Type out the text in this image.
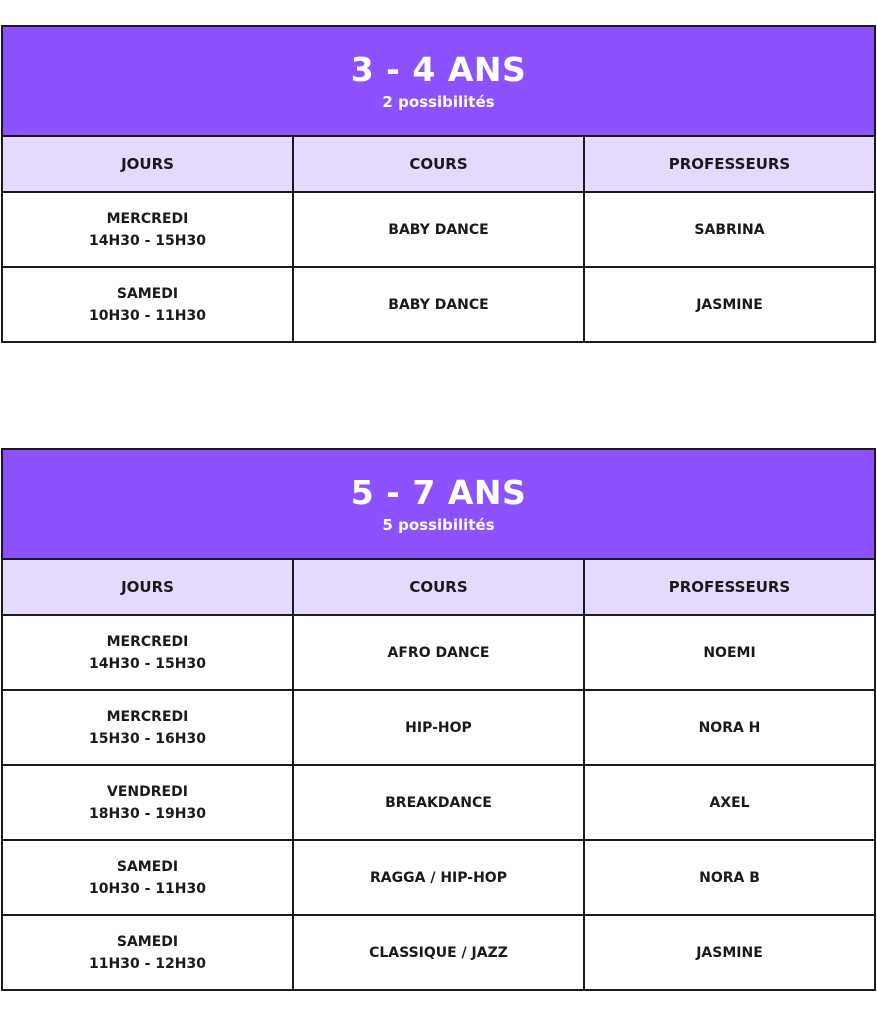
3 - 4 ANS
2 possibilités
JOURS	COURS	PROFESSEURS
MERCREDI
14H30 - 15H30
BABY DANCE	SABRINA
SAMEDI
10H30 - 11H30
BABY DANCE	JASMINE
5 - 7 ANS
5 possibilités
JOURS	COURS	PROFESSEURS
MERCREDI
14H30 - 15H30
AFRO DANCE	NOEMI
MERCREDI
15H30 - 16H30
HIP-HOP	NORA H
VENDREDI
18H30 - 19H30
BREAKDANCE	AXEL
SAMEDI
10H30 - 11H30
RAGGA / HIP-HOP	NORA B
SAMEDI
11H30 - 12H30
CLASSIQUE / JAZZ	JASMINE
